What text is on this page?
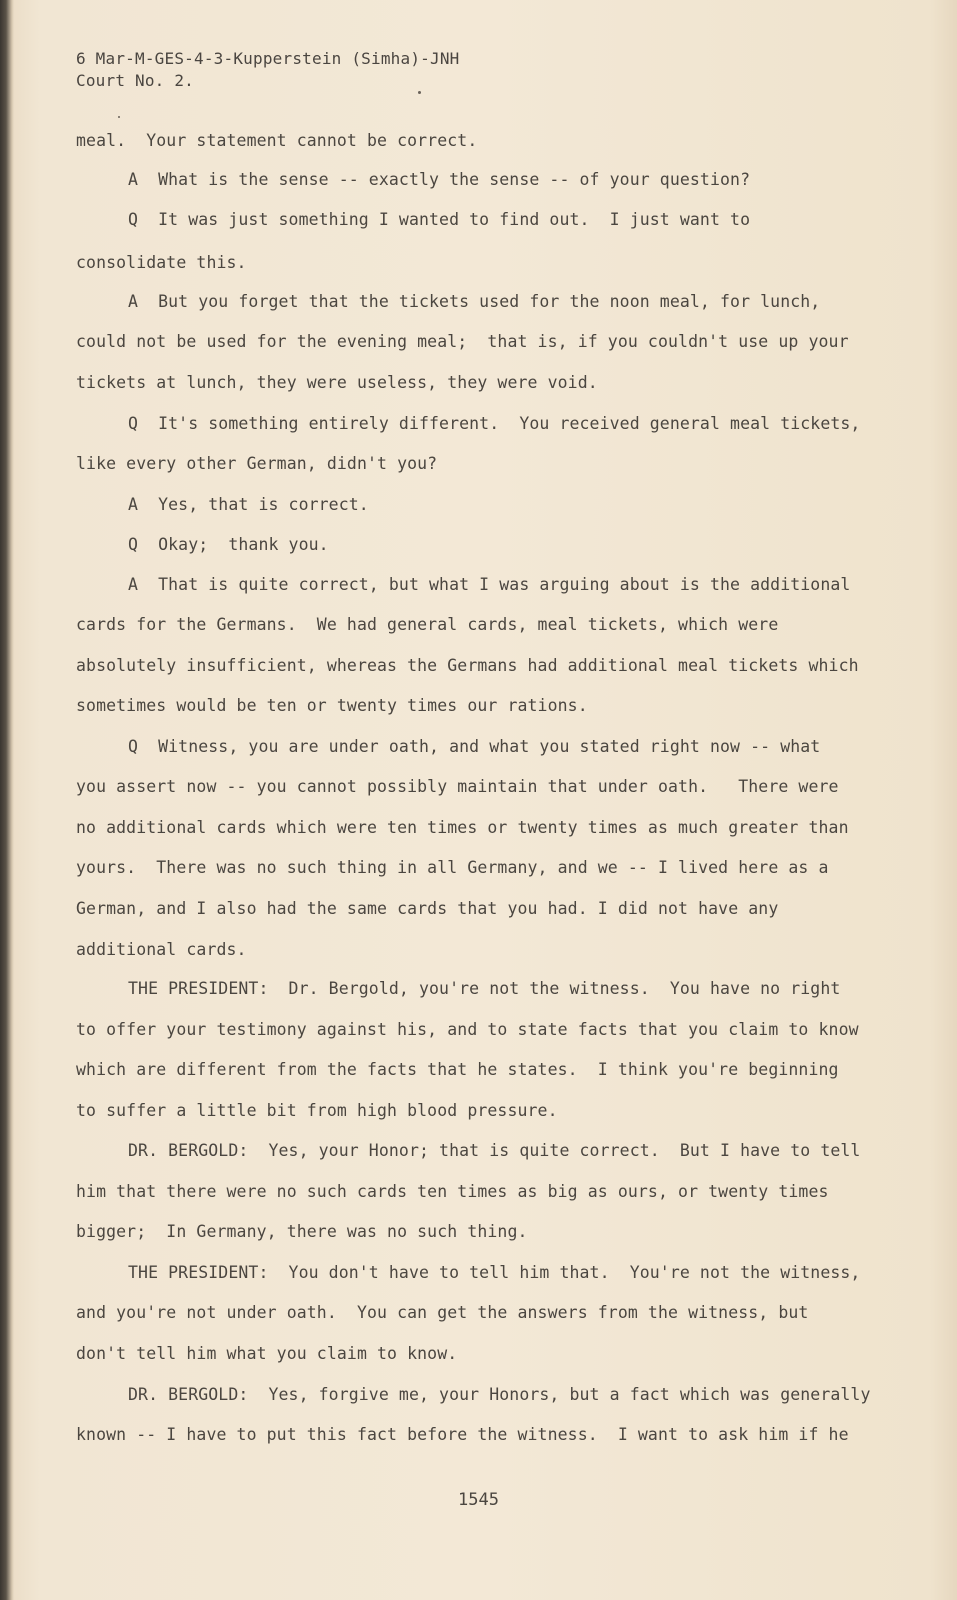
6 Mar-M-GES-4-3-Kupperstein (Simha)-JNH
Court No. 2.
meal.  Your statement cannot be correct.
A  What is the sense -- exactly the sense -- of your question?
Q  It was just something I wanted to find out.  I just want to
consolidate this.
A  But you forget that the tickets used for the noon meal, for lunch,
could not be used for the evening meal;  that is, if you couldn't use up your
tickets at lunch, they were useless, they were void.
Q  It's something entirely different.  You received general meal tickets,
like every other German, didn't you?
A  Yes, that is correct.
Q  Okay;  thank you.
A  That is quite correct, but what I was arguing about is the additional
cards for the Germans.  We had general cards, meal tickets, which were
absolutely insufficient, whereas the Germans had additional meal tickets which
sometimes would be ten or twenty times our rations.
Q  Witness, you are under oath, and what you stated right now -- what
you assert now -- you cannot possibly maintain that under oath.   There were
no additional cards which were ten times or twenty times as much greater than
yours.  There was no such thing in all Germany, and we -- I lived here as a
German, and I also had the same cards that you had. I did not have any
additional cards.
THE PRESIDENT:  Dr. Bergold, you're not the witness.  You have no right
to offer your testimony against his, and to state facts that you claim to know
which are different from the facts that he states.  I think you're beginning
to suffer a little bit from high blood pressure.
DR. BERGOLD:  Yes, your Honor; that is quite correct.  But I have to tell
him that there were no such cards ten times as big as ours, or twenty times
bigger;  In Germany, there was no such thing.
THE PRESIDENT:  You don't have to tell him that.  You're not the witness,
and you're not under oath.  You can get the answers from the witness, but
don't tell him what you claim to know.
DR. BERGOLD:  Yes, forgive me, your Honors, but a fact which was generally
known -- I have to put this fact before the witness.  I want to ask him if he
1545
